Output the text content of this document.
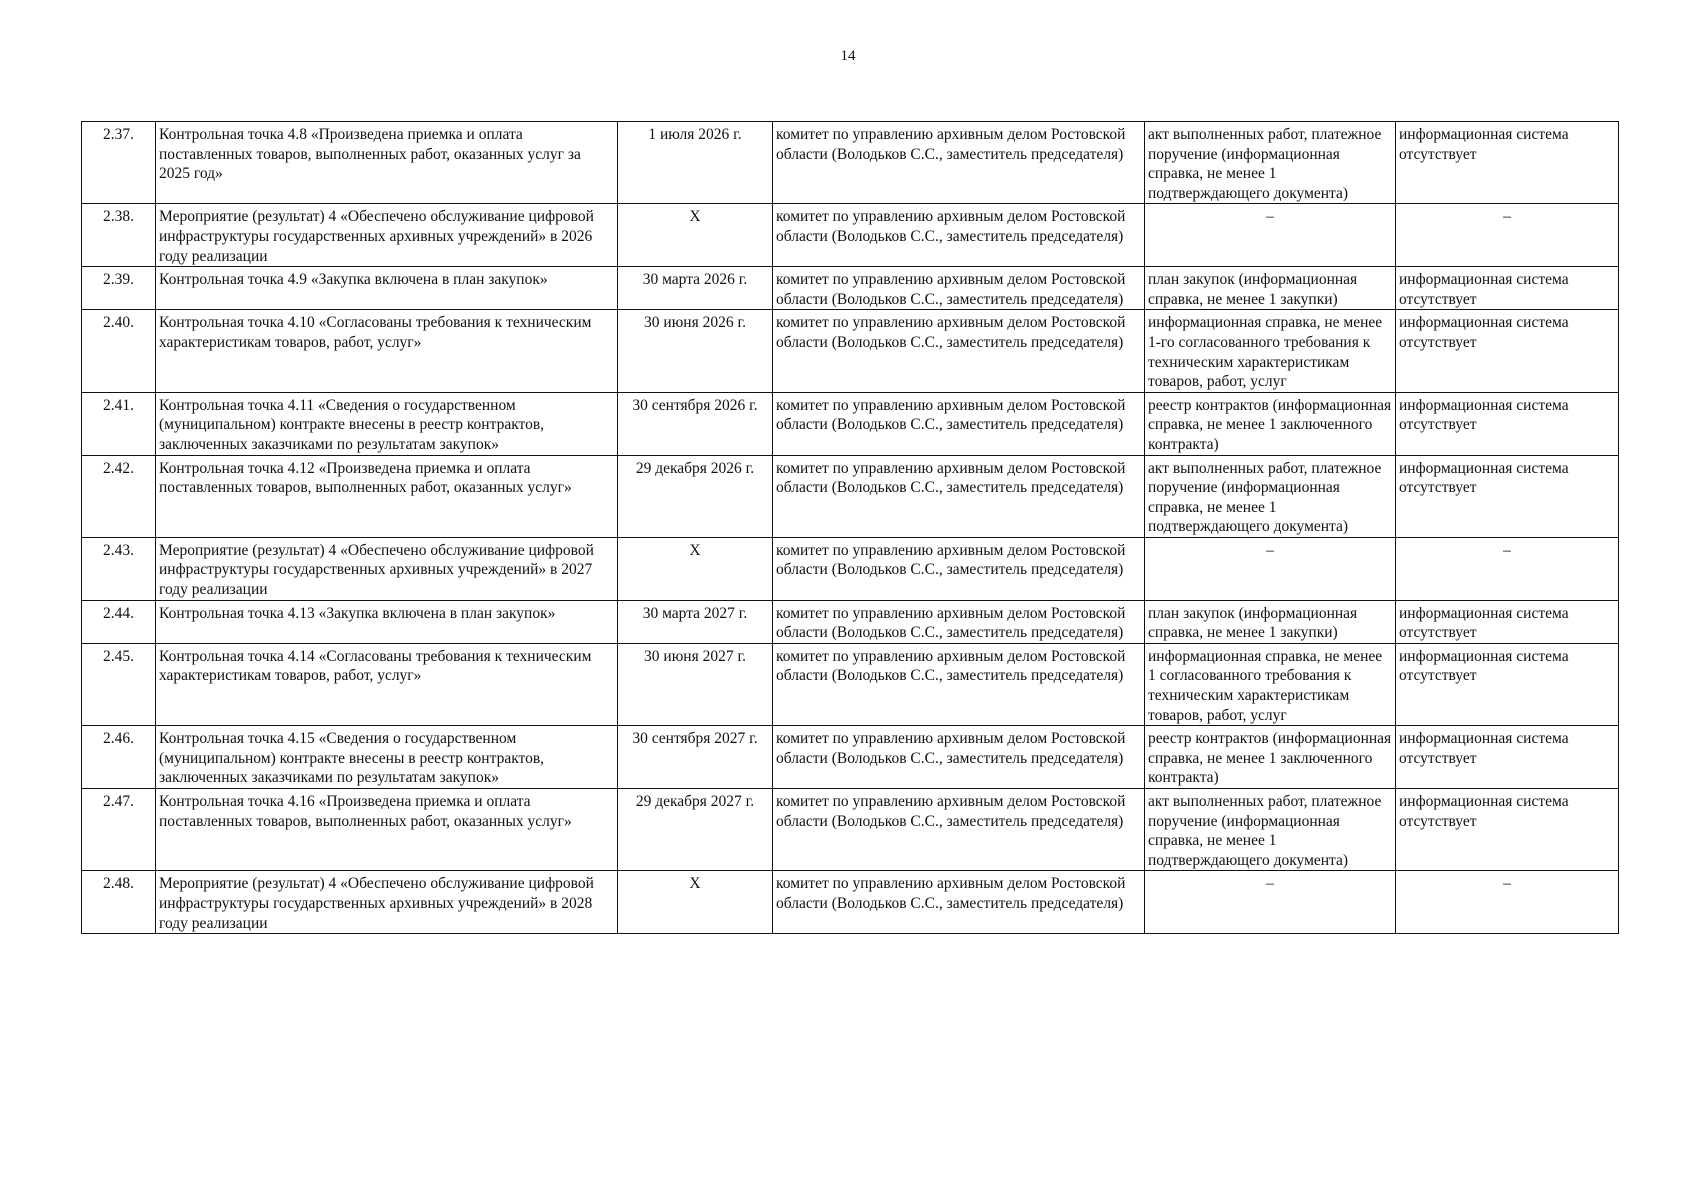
14
2.37.	Контрольная точка 4.8 «Произведена приемка и оплата поставленных товаров, выполненных работ, оказанных услуг за 2025 год»	1 июля 2026 г.	комитет по управлению архивным делом Ростовской области (Володьков С.С., заместитель председателя)	акт выполненных работ, платежное поручение (информационная справка, не менее 1 подтверждающего документа)	информационная система отсутствует
2.38.	Мероприятие (результат) 4 «Обеспечено обслуживание цифровой инфраструктуры государственных архивных учреждений» в 2026 году реализации	Х	комитет по управлению архивным делом Ростовской области (Володьков С.С., заместитель председателя)	–	–
2.39.	Контрольная точка 4.9 «Закупка включена в план закупок»	30 марта 2026 г.	комитет по управлению архивным делом Ростовской области (Володьков С.С., заместитель председателя)	план закупок (информационная справка, не менее 1 закупки)	информационная система отсутствует
2.40.	Контрольная точка 4.10 «Согласованы требования к техническим характеристикам товаров, работ, услуг»	30 июня 2026 г.	комитет по управлению архивным делом Ростовской области (Володьков С.С., заместитель председателя)	информационная справка, не менее 1-го согласованного требования к техническим характеристикам товаров, работ, услуг	информационная система отсутствует
2.41.	Контрольная точка 4.11 «Сведения о государственном (муниципальном) контракте внесены в реестр контрактов, заключенных заказчиками по результатам закупок»	30 сентября 2026 г.	комитет по управлению архивным делом Ростовской области (Володьков С.С., заместитель председателя)	реестр контрактов (информационная справка, не менее 1 заключенного контракта)	информационная система отсутствует
2.42.	Контрольная точка 4.12 «Произведена приемка и оплата поставленных товаров, выполненных работ, оказанных услуг»	29 декабря 2026 г.	комитет по управлению архивным делом Ростовской области (Володьков С.С., заместитель председателя)	акт выполненных работ, платежное поручение (информационная справка, не менее 1 подтверждающего документа)	информационная система отсутствует
2.43.	Мероприятие (результат) 4 «Обеспечено обслуживание цифровой инфраструктуры государственных архивных учреждений» в 2027 году реализации	Х	комитет по управлению архивным делом Ростовской области (Володьков С.С., заместитель председателя)	–	–
2.44.	Контрольная точка 4.13 «Закупка включена в план закупок»	30 марта 2027 г.	комитет по управлению архивным делом Ростовской области (Володьков С.С., заместитель председателя)	план закупок (информационная справка, не менее 1 закупки)	информационная система отсутствует
2.45.	Контрольная точка 4.14 «Согласованы требования к техническим характеристикам товаров, работ, услуг»	30 июня 2027 г.	комитет по управлению архивным делом Ростовской области (Володьков С.С., заместитель председателя)	информационная справка, не менее 1 согласованного требования к техническим характеристикам товаров, работ, услуг	информационная система отсутствует
2.46.	Контрольная точка 4.15 «Сведения о государственном (муниципальном) контракте внесены в реестр контрактов, заключенных заказчиками по результатам закупок»	30 сентября 2027 г.	комитет по управлению архивным делом Ростовской области (Володьков С.С., заместитель председателя)	реестр контрактов (информационная справка, не менее 1 заключенного контракта)	информационная система отсутствует
2.47.	Контрольная точка 4.16 «Произведена приемка и оплата поставленных товаров, выполненных работ, оказанных услуг»	29 декабря 2027 г.	комитет по управлению архивным делом Ростовской области (Володьков С.С., заместитель председателя)	акт выполненных работ, платежное поручение (информационная справка, не менее 1 подтверждающего документа)	информационная система отсутствует
2.48.	Мероприятие (результат) 4 «Обеспечено обслуживание цифровой инфраструктуры государственных архивных учреждений» в 2028 году реализации	Х	комитет по управлению архивным делом Ростовской области (Володьков С.С., заместитель председателя)	–	–
